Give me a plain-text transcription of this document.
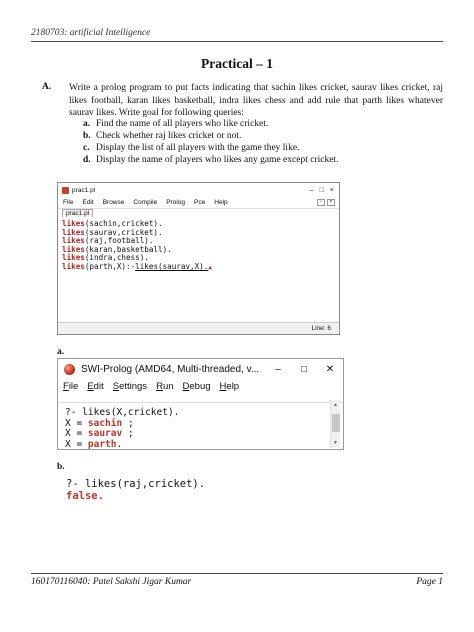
2180703: artificial Intelligence
Practical – 1
A. Write a prolog program to put facts indicating that sachin likes cricket, saurav likes cricket, raj likes football, karan likes basketball, indra likes chess and add rule that parth likes whatever saurav likes. Write goal for following queries:
a. Find the name of all players who like cricket.
b. Check whether raj likes cricket or not.
c. Display the list of all players with the game they like.
d. Display the name of players who likes any game except cricket.
prac1.pl	– □ ×
File Edit Browse Compile Prolog Pce Help	▫	×
prac1.pl
likes(sachin,cricket).
likes(saurav,cricket).
likes(raj,football).
likes(karan,basketball).
likes(indra,chess).
likes(parth,X):-likes(saurav,X).▲
Line: 6
a.
SWI-Prolog (AMD64, Multi-threaded, v...	–	□	✕
File Edit Settings Run Debug Help
?- likes(X,cricket).
X = sachin ;
X = saurav ;
X = parth.
▲
▼
b.
?- likes(raj,cricket).
false.
160170116040: Patel Sakshi Jigar Kumar	Page 1
